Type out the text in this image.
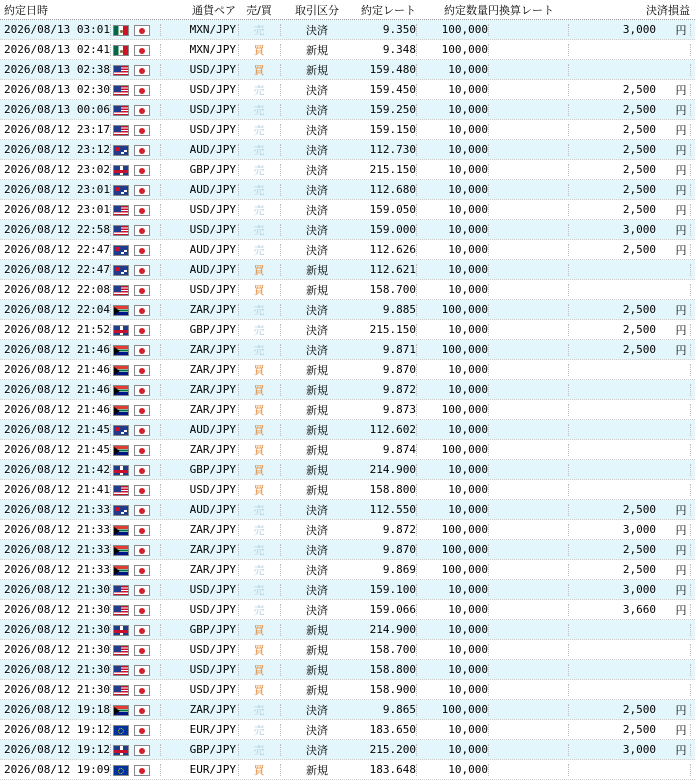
約定日時	通貨ペア 売/買	取引区分	約定レート	約定数量 円換算レート	決済損益
2026/08/13 03:01	MXN/JPY	売	決済	9.350	100,000	3,000	円
2026/08/13 02:41	MXN/JPY	買	新規	9.348	100,000
2026/08/13 02:38	USD/JPY	買	新規	159.480	10,000
2026/08/13 02:30	USD/JPY	売	決済	159.450	10,000	2,500	円
2026/08/13 00:06	USD/JPY	売	決済	159.250	10,000	2,500	円
2026/08/12 23:17	USD/JPY	売	決済	159.150	10,000	2,500	円
2026/08/12 23:12	AUD/JPY	売	決済	112.730	10,000	2,500	円
2026/08/12 23:02	GBP/JPY	売	決済	215.150	10,000	2,500	円
2026/08/12 23:01	AUD/JPY	売	決済	112.680	10,000	2,500	円
2026/08/12 23:01	USD/JPY	売	決済	159.050	10,000	2,500	円
2026/08/12 22:58	USD/JPY	売	決済	159.000	10,000	3,000	円
2026/08/12 22:47	AUD/JPY	売	決済	112.626	10,000	2,500	円
2026/08/12 22:47	AUD/JPY	買	新規	112.621	10,000
2026/08/12 22:08	USD/JPY	買	新規	158.700	10,000
2026/08/12 22:04	ZAR/JPY	売	決済	9.885	100,000	2,500	円
2026/08/12 21:52	GBP/JPY	売	決済	215.150	10,000	2,500	円
2026/08/12 21:46	ZAR/JPY	売	決済	9.871	100,000	2,500	円
2026/08/12 21:46	ZAR/JPY	買	新規	9.870	10,000
2026/08/12 21:46	ZAR/JPY	買	新規	9.872	10,000
2026/08/12 21:46	ZAR/JPY	買	新規	9.873	100,000
2026/08/12 21:45	AUD/JPY	買	新規	112.602	10,000
2026/08/12 21:45	ZAR/JPY	買	新規	9.874	100,000
2026/08/12 21:42	GBP/JPY	買	新規	214.900	10,000
2026/08/12 21:41	USD/JPY	買	新規	158.800	10,000
2026/08/12 21:33	AUD/JPY	売	決済	112.550	10,000	2,500	円
2026/08/12 21:33	ZAR/JPY	売	決済	9.872	100,000	3,000	円
2026/08/12 21:33	ZAR/JPY	売	決済	9.870	100,000	2,500	円
2026/08/12 21:33	ZAR/JPY	売	決済	9.869	100,000	2,500	円
2026/08/12 21:30	USD/JPY	売	決済	159.100	10,000	3,000	円
2026/08/12 21:30	USD/JPY	売	決済	159.066	10,000	3,660	円
2026/08/12 21:30	GBP/JPY	買	新規	214.900	10,000
2026/08/12 21:30	USD/JPY	買	新規	158.700	10,000
2026/08/12 21:30	USD/JPY	買	新規	158.800	10,000
2026/08/12 21:30	USD/JPY	買	新規	158.900	10,000
2026/08/12 19:18	ZAR/JPY	売	決済	9.865	100,000	2,500	円
2026/08/12 19:12	EUR/JPY	売	決済	183.650	10,000	2,500	円
2026/08/12 19:12	GBP/JPY	売	決済	215.200	10,000	3,000	円
2026/08/12 19:09	EUR/JPY	買	新規	183.648	10,000
